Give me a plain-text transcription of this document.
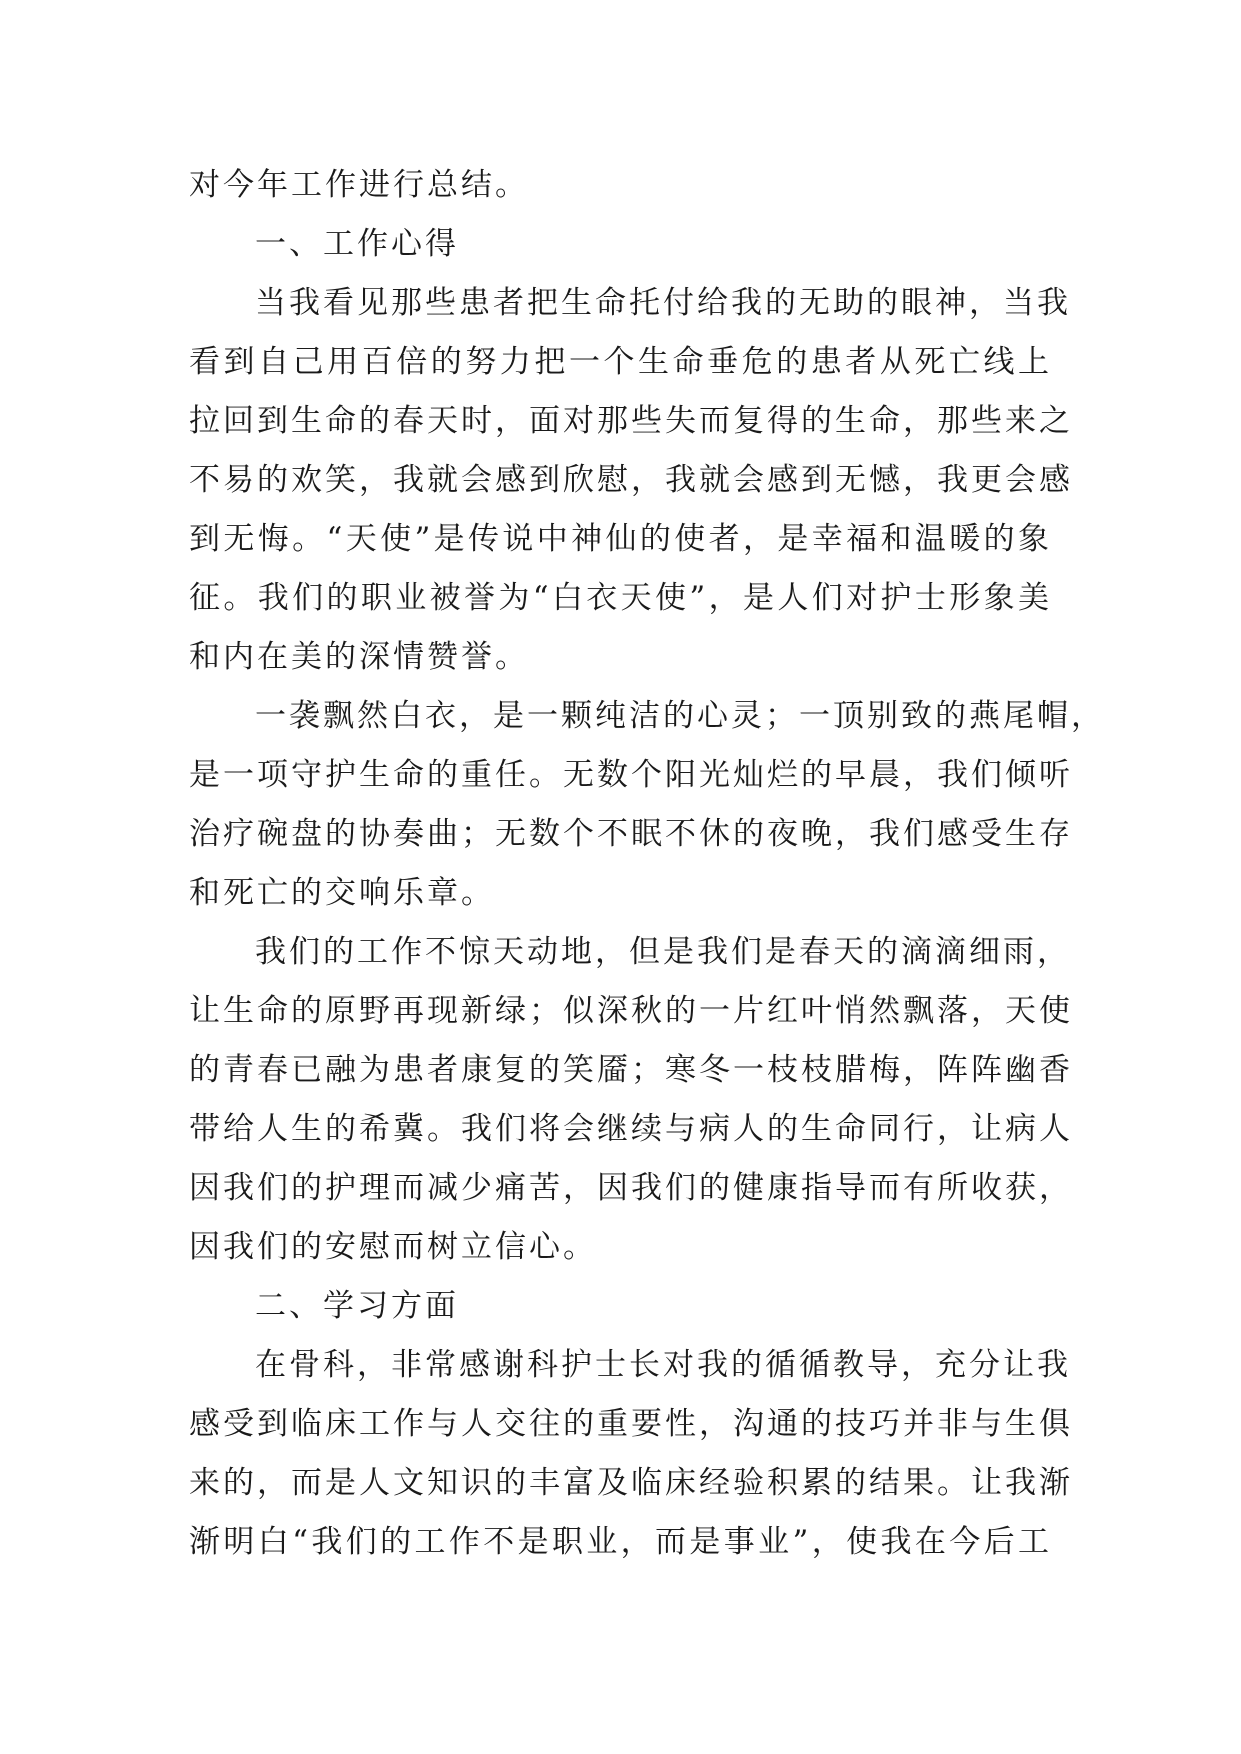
对今年工作进行总结。
一、工作心得
当我看见那些患者把生命托付给我的无助的眼神，当我
看到自己用百倍的努力把一个生命垂危的患者从死亡线上
拉回到生命的春天时，面对那些失而复得的生命，那些来之
不易的欢笑，我就会感到欣慰，我就会感到无憾，我更会感
到无悔。“天使”是传说中神仙的使者，是幸福和温暖的象
征。我们的职业被誉为“白衣天使”，是人们对护士形象美
和内在美的深情赞誉。
一袭飘然白衣，是一颗纯洁的心灵；一顶别致的燕尾帽，
是一项守护生命的重任。无数个阳光灿烂的早晨，我们倾听
治疗碗盘的协奏曲；无数个不眠不休的夜晚，我们感受生存
和死亡的交响乐章。
我们的工作不惊天动地，但是我们是春天的滴滴细雨，
让生命的原野再现新绿；似深秋的一片红叶悄然飘落，天使
的青春已融为患者康复的笑靥；寒冬一枝枝腊梅，阵阵幽香
带给人生的希冀。我们将会继续与病人的生命同行，让病人
因我们的护理而减少痛苦，因我们的健康指导而有所收获，
因我们的安慰而树立信心。
二、学习方面
在骨科，非常感谢科护士长对我的循循教导，充分让我
感受到临床工作与人交往的重要性，沟通的技巧并非与生俱
来的，而是人文知识的丰富及临床经验积累的结果。让我渐
渐明白“我们的工作不是职业，而是事业”，使我在今后工
